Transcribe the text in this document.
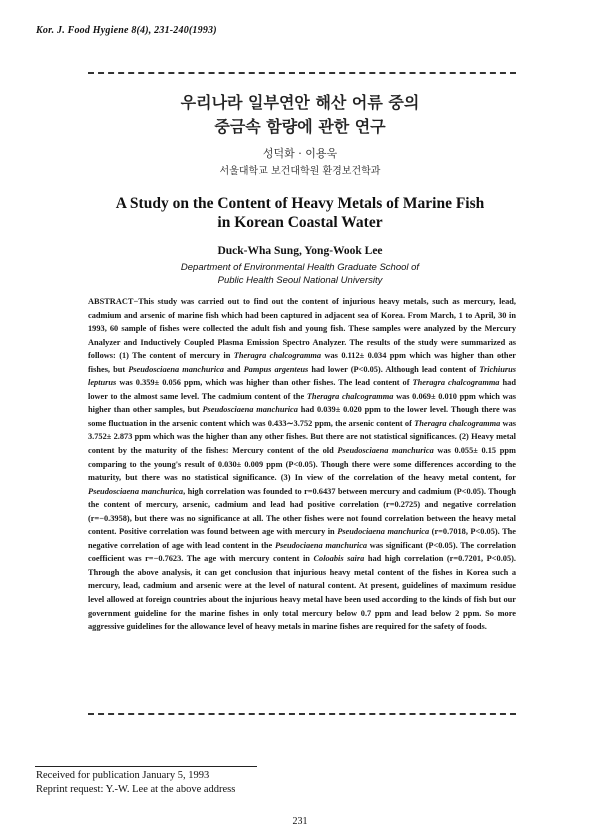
Kor. J. Food Hygiene 8(4), 231-240(1993)
우리나라 일부연안 해산 어류 중의
중금속 함량에 관한 연구
성덕화 · 이용욱
서울대학교 보건대학원 환경보건학과
A Study on the Content of Heavy Metals of Marine Fish
in Korean Coastal Water
Duck-Wha Sung, Yong-Wook Lee
Department of Environmental Health Graduate School of
Public Health Seoul National University
ABSTRACT−This study was carried out to find out the content of injurious heavy metals, such as mercury, lead, cadmium and arsenic of marine fish which had been captured in adjacent sea of Korea. From March, 1 to April, 30 in 1993, 60 sample of fishes were collected the adult fish and young fish. These samples were analyzed by the Mercury Analyzer and Inductively Coupled Plasma Emission Spectro Analyzer. The results of the study were summarized as follows: (1) The content of mercury in Theragra chalcogramma was 0.112± 0.034 ppm which was higher than other fishes, but Pseudosciaena manchurica and Pampus argenteus had lower (P<0.05). Although lead content of Trichiurus lepturus was 0.359± 0.056 ppm, which was higher than other fishes. The lead content of Theragra chalcogramma had lower to the almost same level. The cadmium content of the Theragra chalcogramma was 0.069± 0.010 ppm which was higher than other samples, but Pseudosciaena manchurica had 0.039± 0.020 ppm to the lower level. Though there was some fluctuation in the arsenic content which was 0.433∼3.752 ppm, the arsenic content of Theragra chalcogramma was 3.752± 2.873 ppm which was the higher than any other fishes. But there are not statistical significances. (2) Heavy metal content by the maturity of the fishes: Mercury content of the old Pseudosciaena manchurica was 0.055± 0.15 ppm comparing to the young's result of 0.030± 0.009 ppm (P<0.05). Though there were some differences according to the maturity, but there was no statistical significance. (3) In view of the correlation of the heavy metal content, for Pseudosciaena manchurica, high correlation was founded to r=0.6437 between mercury and cadmium (P<0.05). Though the content of mercury, arsenic, cadmium and lead had positive correlation (r=0.2725) and negative correlation (r=−0.3958), but there was no significance at all. The other fishes were not found correlation between the heavy metal content. Positive correlation was found between age with mercury in Pseudociaena manchurica (r=0.7018, P<0.05). The negative correlation of age with lead content in the Pseudociaena manchurica was significant (P<0.05). The correlation coefficient was r=−0.7623. The age with mercury content in Coloabis saira had high correlation (r=0.7201, P<0.05). Through the above analysis, it can get conclusion that injurious heavy metal content of the fishes in Korea such a mercury, lead, cadmium and arsenic were at the level of natural content. At present, guidelines of maximum residue level allowed at foreign countries about the injurious heavy metal have been used according to the kinds of fish but our government guideline for the marine fishes in only total mercury below 0.7 ppm and lead below 2 ppm. So more aggressive guidelines for the allowance level of heavy metals in marine fishes are required for the safety of foods.
Received for publication January 5, 1993
Reprint request: Y.-W. Lee at the above address
231
